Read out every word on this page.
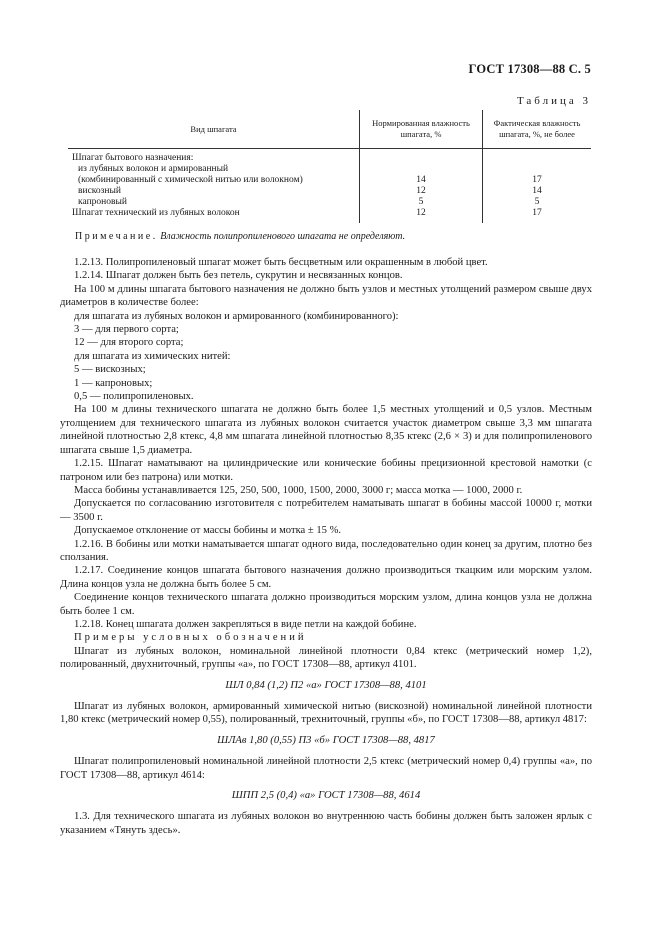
ГОСТ 17308—88 С. 5
Таблица 3
Вид шпагата	Нормированная влажность шпагата, %	Фактическая влажность шпагата, %, не более
Шпагат бытового назначения:		
из лубяных волокон и армированный		
(комбинированный с химической нитью или волокном)	14	17
вискозный	12	14
капроновый	5	5
Шпагат технический из лубяных волокон	12	17
Примечание. Влажность полипропиленового шпагата не определяют.

1.2.13. Полипропиленовый шпагат может быть бесцветным или окрашенным в любой цвет.

1.2.14. Шпагат должен быть без петель, сукрутин и несвязанных концов.

На 100 м длины шпагата бытового назначения не должно быть узлов и местных утолщений размером свыше двух диаметров в количестве более:

для шпагата из лубяных волокон и армированного (комбинированного):

3 — для первого сорта;

12 — для второго сорта;

для шпагата из химических нитей:

5 — вискозных;

1 — капроновых;

0,5 — полипропиленовых.

На 100 м длины технического шпагата не должно быть более 1,5 местных утолщений и 0,5 узлов. Местным утолщением для технического шпагата из лубяных волокон считается участок диаметром свыше 3,3 мм шпагата линейной плотностью 2,8 ктекс, 4,8 мм шпагата линейной плотностью 8,35 ктекс (2,6 × 3) и для полипропиленового шпагата свыше 1,5 диаметра.

1.2.15. Шпагат наматывают на цилиндрические или конические бобины прецизионной крестовой намотки (с патроном или без патрона) или мотки.

Масса бобины устанавливается 125, 250, 500, 1000, 1500, 2000, 3000 г; масса мотка — 1000, 2000 г.

Допускается по согласованию изготовителя с потребителем наматывать шпагат в бобины массой 10000 г, мотки — 3500 г.

Допускаемое отклонение от массы бобины и мотка ± 15 %.

1.2.16. В бобины или мотки наматывается шпагат одного вида, последовательно один конец за другим, плотно без сползания.

1.2.17. Соединение концов шпагата бытового назначения должно производиться ткацким или морским узлом. Длина концов узла не должна быть более 5 см.

Соединение концов технического шпагата должно производиться морским узлом, длина концов узла не должна быть более 1 см.

1.2.18. Конец шпагата должен закрепляться в виде петли на каждой бобине.

Примеры условных обозначений

Шпагат из лубяных волокон, номинальной линейной плотности 0,84 ктекс (метрический номер 1,2), полированный, двухниточный, группы «а», по ГОСТ 17308—88, артикул 4101.

ШЛ 0,84 (1,2) П2 «а» ГОСТ 17308—88, 4101

Шпагат из лубяных волокон, армированный химической нитью (вискозной) номинальной линейной плотности 1,80 ктекс (метрический номер 0,55), полированный, трехниточный, группы «б», по ГОСТ 17308—88, артикул 4817:

ШЛАв 1,80 (0,55) П3 «б» ГОСТ 17308—88, 4817

Шпагат полипропиленовый номинальной линейной плотности 2,5 ктекс (метрический номер 0,4) группы «а», по ГОСТ 17308—88, артикул 4614:

ШПП 2,5 (0,4) «а» ГОСТ 17308—88, 4614

1.3. Для технического шпагата из лубяных волокон во внутреннюю часть бобины должен быть заложен ярлык с указанием «Тянуть здесь».
